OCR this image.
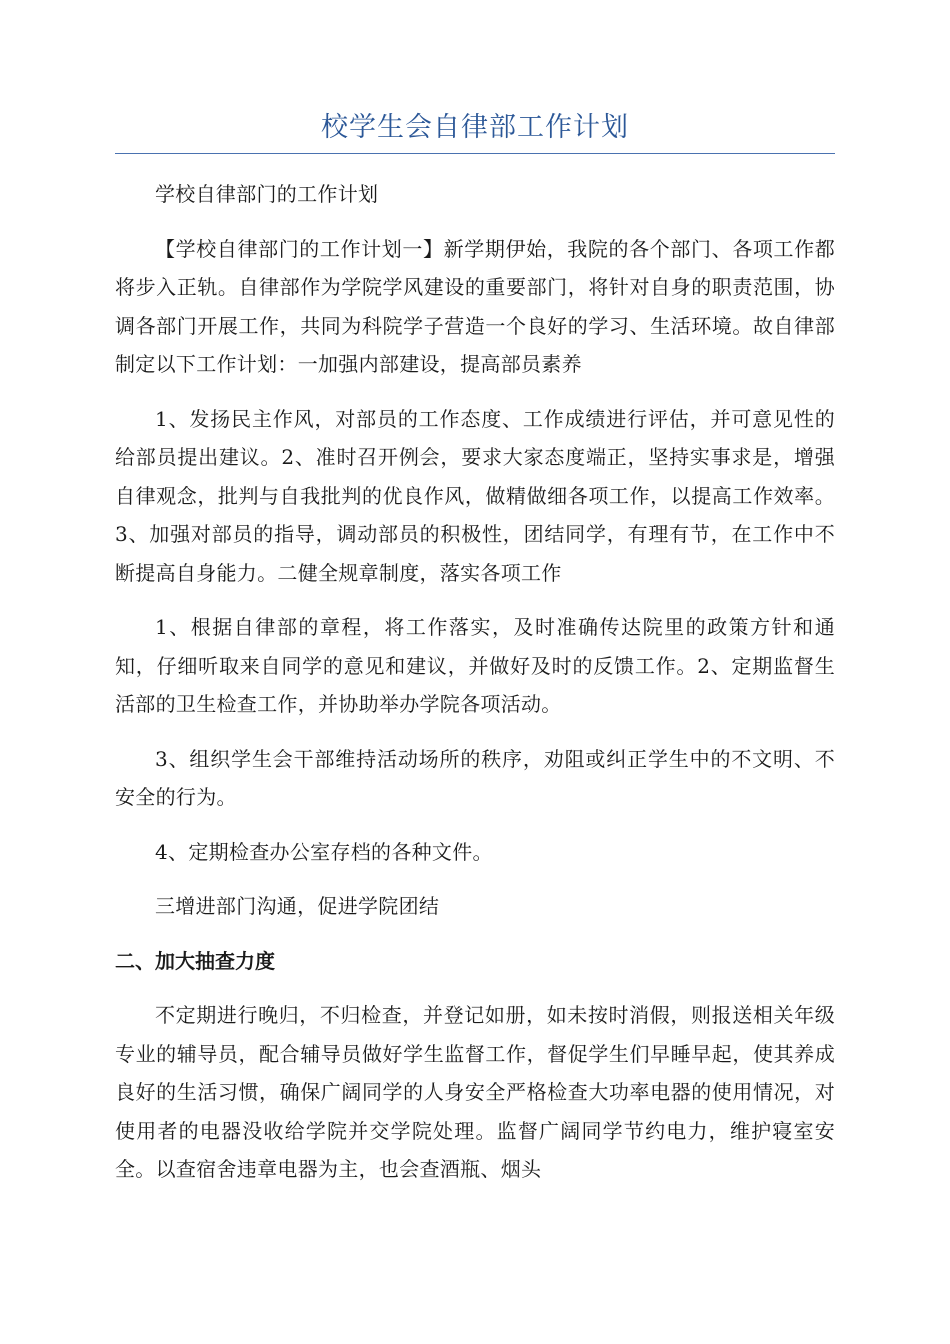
校学生会自律部工作计划

学校自律部门的工作计划

【学校自律部门的工作计划一】新学期伊始，我院的各个部门、各项工作都将步入正轨。自律部作为学院学风建设的重要部门，将针对自身的职责范围，协调各部门开展工作，共同为科院学子营造一个良好的学习、生活环境。故自律部制定以下工作计划：一加强内部建设，提高部员素养

1、发扬民主作风，对部员的工作态度、工作成绩进行评估，并可意见性的给部员提出建议。2、准时召开例会，要求大家态度端正，坚持实事求是，增强自律观念，批判与自我批判的优良作风，做精做细各项工作，以提高工作效率。3、加强对部员的指导，调动部员的积极性，团结同学，有理有节，在工作中不断提高自身能力。二健全规章制度，落实各项工作

1、根据自律部的章程，将工作落实，及时准确传达院里的政策方针和通知，仔细听取来自同学的意见和建议，并做好及时的反馈工作。2、定期监督生活部的卫生检查工作，并协助举办学院各项活动。

3、组织学生会干部维持活动场所的秩序，劝阻或纠正学生中的不文明、不安全的行为。

4、定期检查办公室存档的各种文件。

三增进部门沟通，促进学院团结

二、加大抽查力度

不定期进行晚归，不归检查，并登记如册，如未按时消假，则报送相关年级专业的辅导员，配合辅导员做好学生监督工作，督促学生们早睡早起，使其养成良好的生活习惯，确保广阔同学的人身安全严格检查大功率电器的使用情况，对使用者的电器没收给学院并交学院处理。监督广阔同学节约电力，维护寝室安全。以查宿舍违章电器为主，也会查酒瓶、烟头
